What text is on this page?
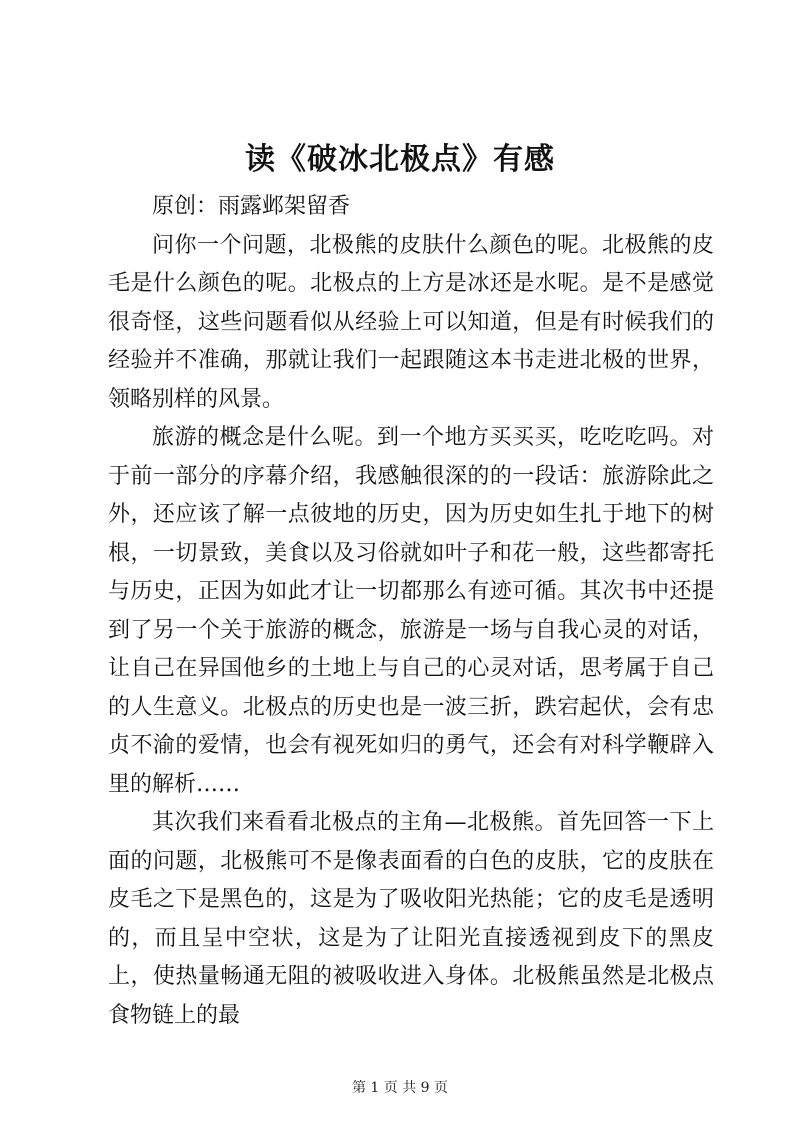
读《破冰北极点》有感

原创：雨露邺架留香

问你一个问题，北极熊的皮肤什么颜色的呢。北极熊的皮毛是什么颜色的呢。北极点的上方是冰还是水呢。是不是感觉很奇怪，这些问题看似从经验上可以知道，但是有时候我们的经验并不准确，那就让我们一起跟随这本书走进北极的世界，领略别样的风景。

旅游的概念是什么呢。到一个地方买买买，吃吃吃吗。对于前一部分的序幕介绍，我感触很深的的一段话：旅游除此之外，还应该了解一点彼地的历史，因为历史如生扎于地下的树根，一切景致，美食以及习俗就如叶子和花一般，这些都寄托与历史，正因为如此才让一切都那么有迹可循。其次书中还提到了另一个关于旅游的概念，旅游是一场与自我心灵的对话，让自己在异国他乡的土地上与自己的心灵对话，思考属于自己的人生意义。北极点的历史也是一波三折，跌宕起伏，会有忠贞不渝的爱情，也会有视死如归的勇气，还会有对科学鞭辟入里的解析……

其次我们来看看北极点的主角—北极熊。首先回答一下上面的问题，北极熊可不是像表面看的白色的皮肤，它的皮肤在皮毛之下是黑色的，这是为了吸收阳光热能；它的皮毛是透明的，而且呈中空状，这是为了让阳光直接透视到皮下的黑皮上，使热量畅通无阻的被吸收进入身体。北极熊虽然是北极点食物链上的最

第 1 页 共 9 页
